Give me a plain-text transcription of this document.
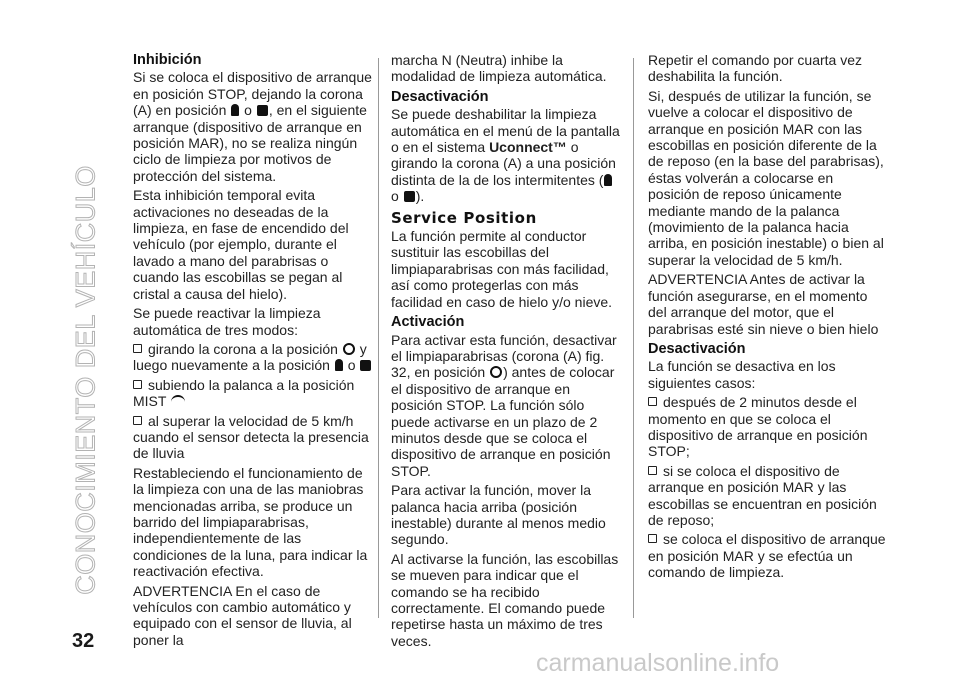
CONOCIMIENTO DEL VEHÍCULO
Inhibición

Si se coloca el dispositivo de arranque en posición STOP, dejando la corona (A) en posición o , en el siguiente arranque (dispositivo de arranque en posición MAR), no se realiza ningún ciclo de limpieza por motivos de protección del sistema.

Esta inhibición temporal evita activaciones no deseadas de la limpieza, en fase de encendido del vehículo (por ejemplo, durante el lavado a mano del parabrisas o cuando las escobillas se pegan al cristal a causa del hielo).

Se puede reactivar la limpieza automática de tres modos:

girando la corona a la posición y luego nuevamente a la posición o

subiendo la palanca a la posición MIST

al superar la velocidad de 5 km/h cuando el sensor detecta la presencia de lluvia

Restableciendo el funcionamiento de la limpieza con una de las maniobras mencionadas arriba, se produce un barrido del limpiaparabrisas, independientemente de las condiciones de la luna, para indicar la reactivación efectiva.

ADVERTENCIA En el caso de vehículos con cambio automático y equipado con el sensor de lluvia, al poner la

marcha N (Neutra) inhibe la modalidad de limpieza automática.

Desactivación

Se puede deshabilitar la limpieza automática en el menú de la pantalla o en el sistema Uconnect™ o girando la corona (A) a una posición distinta de la de los intermitentes ( o ).

Service Position

La función permite al conductor sustituir las escobillas del limpiaparabrisas con más facilidad, así como protegerlas con más facilidad en caso de hielo y/o nieve.

Activación

Para activar esta función, desactivar el limpiaparabrisas (corona (A) fig. 32, en posición ) antes de colocar el dispositivo de arranque en posición STOP. La función sólo puede activarse en un plazo de 2 minutos desde que se coloca el dispositivo de arranque en posición STOP.

Para activar la función, mover la palanca hacia arriba (posición inestable) durante al menos medio segundo.

Al activarse la función, las escobillas se mueven para indicar que el comando se ha recibido correctamente. El comando puede repetirse hasta un máximo de tres veces.

Repetir el comando por cuarta vez deshabilita la función.

Si, después de utilizar la función, se vuelve a colocar el dispositivo de arranque en posición MAR con las escobillas en posición diferente de la de reposo (en la base del parabrisas), éstas volverán a colocarse en posición de reposo únicamente mediante mando de la palanca (movimiento de la palanca hacia arriba, en posición inestable) o bien al superar la velocidad de 5 km/h.

ADVERTENCIA Antes de activar la función asegurarse, en el momento del arranque del motor, que el parabrisas esté sin nieve o bien hielo

Desactivación

La función se desactiva en los siguientes casos:

después de 2 minutos desde el momento en que se coloca el dispositivo de arranque en posición STOP;

si se coloca el dispositivo de arranque en posición MAR y las escobillas se encuentran en posición de reposo;

se coloca el dispositivo de arranque en posición MAR y se efectúa un comando de limpieza.

32
carmanualsonline.info
